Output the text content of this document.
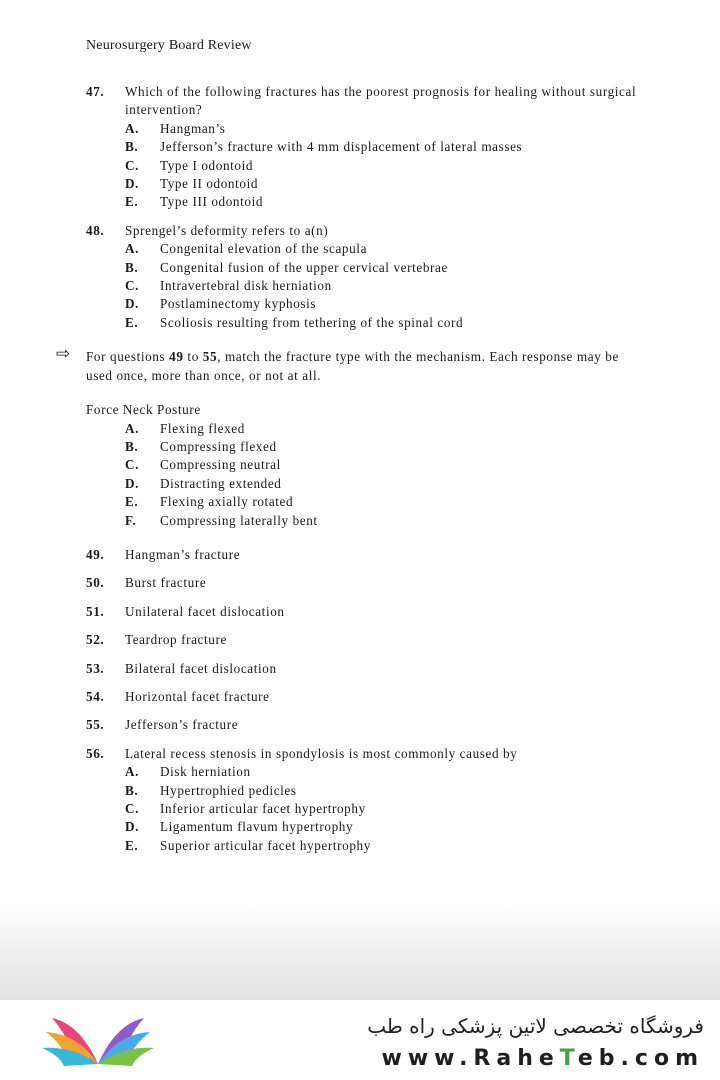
Neurosurgery Board Review
47.	Which of the following fractures has the poorest prognosis for healing without surgical intervention?
A.	Hangman’s
B.	Jefferson’s fracture with 4 mm displacement of lateral masses
C.	Type I odontoid
D.	Type II odontoid
E.	Type III odontoid
48.	Sprengel’s deformity refers to a(n)
A.	Congenital elevation of the scapula
B.	Congenital fusion of the upper cervical vertebrae
C.	Intravertebral disk herniation
D.	Postlaminectomy kyphosis
E.	Scoliosis resulting from tethering of the spinal cord
⇨ For questions 49 to 55, match the fracture type with the mechanism. Each response may be used once, more than once, or not at all.
Force Neck Posture
A.	Flexing flexed
B.	Compressing flexed
C.	Compressing neutral
D.	Distracting extended
E.	Flexing axially rotated
F.	Compressing laterally bent
49.	Hangman’s fracture
50.	Burst fracture
51.	Unilateral facet dislocation
52.	Teardrop fracture
53.	Bilateral facet dislocation
54.	Horizontal facet fracture
55.	Jefferson’s fracture
56.	Lateral recess stenosis in spondylosis is most commonly caused by
A.	Disk herniation
B.	Hypertrophied pedicles
C.	Inferior articular facet hypertrophy
D.	Ligamentum flavum hypertrophy
E.	Superior articular facet hypertrophy
فروشگاه تخصصی لاتین پزشکی راه طب
www.RaheTeb.com
